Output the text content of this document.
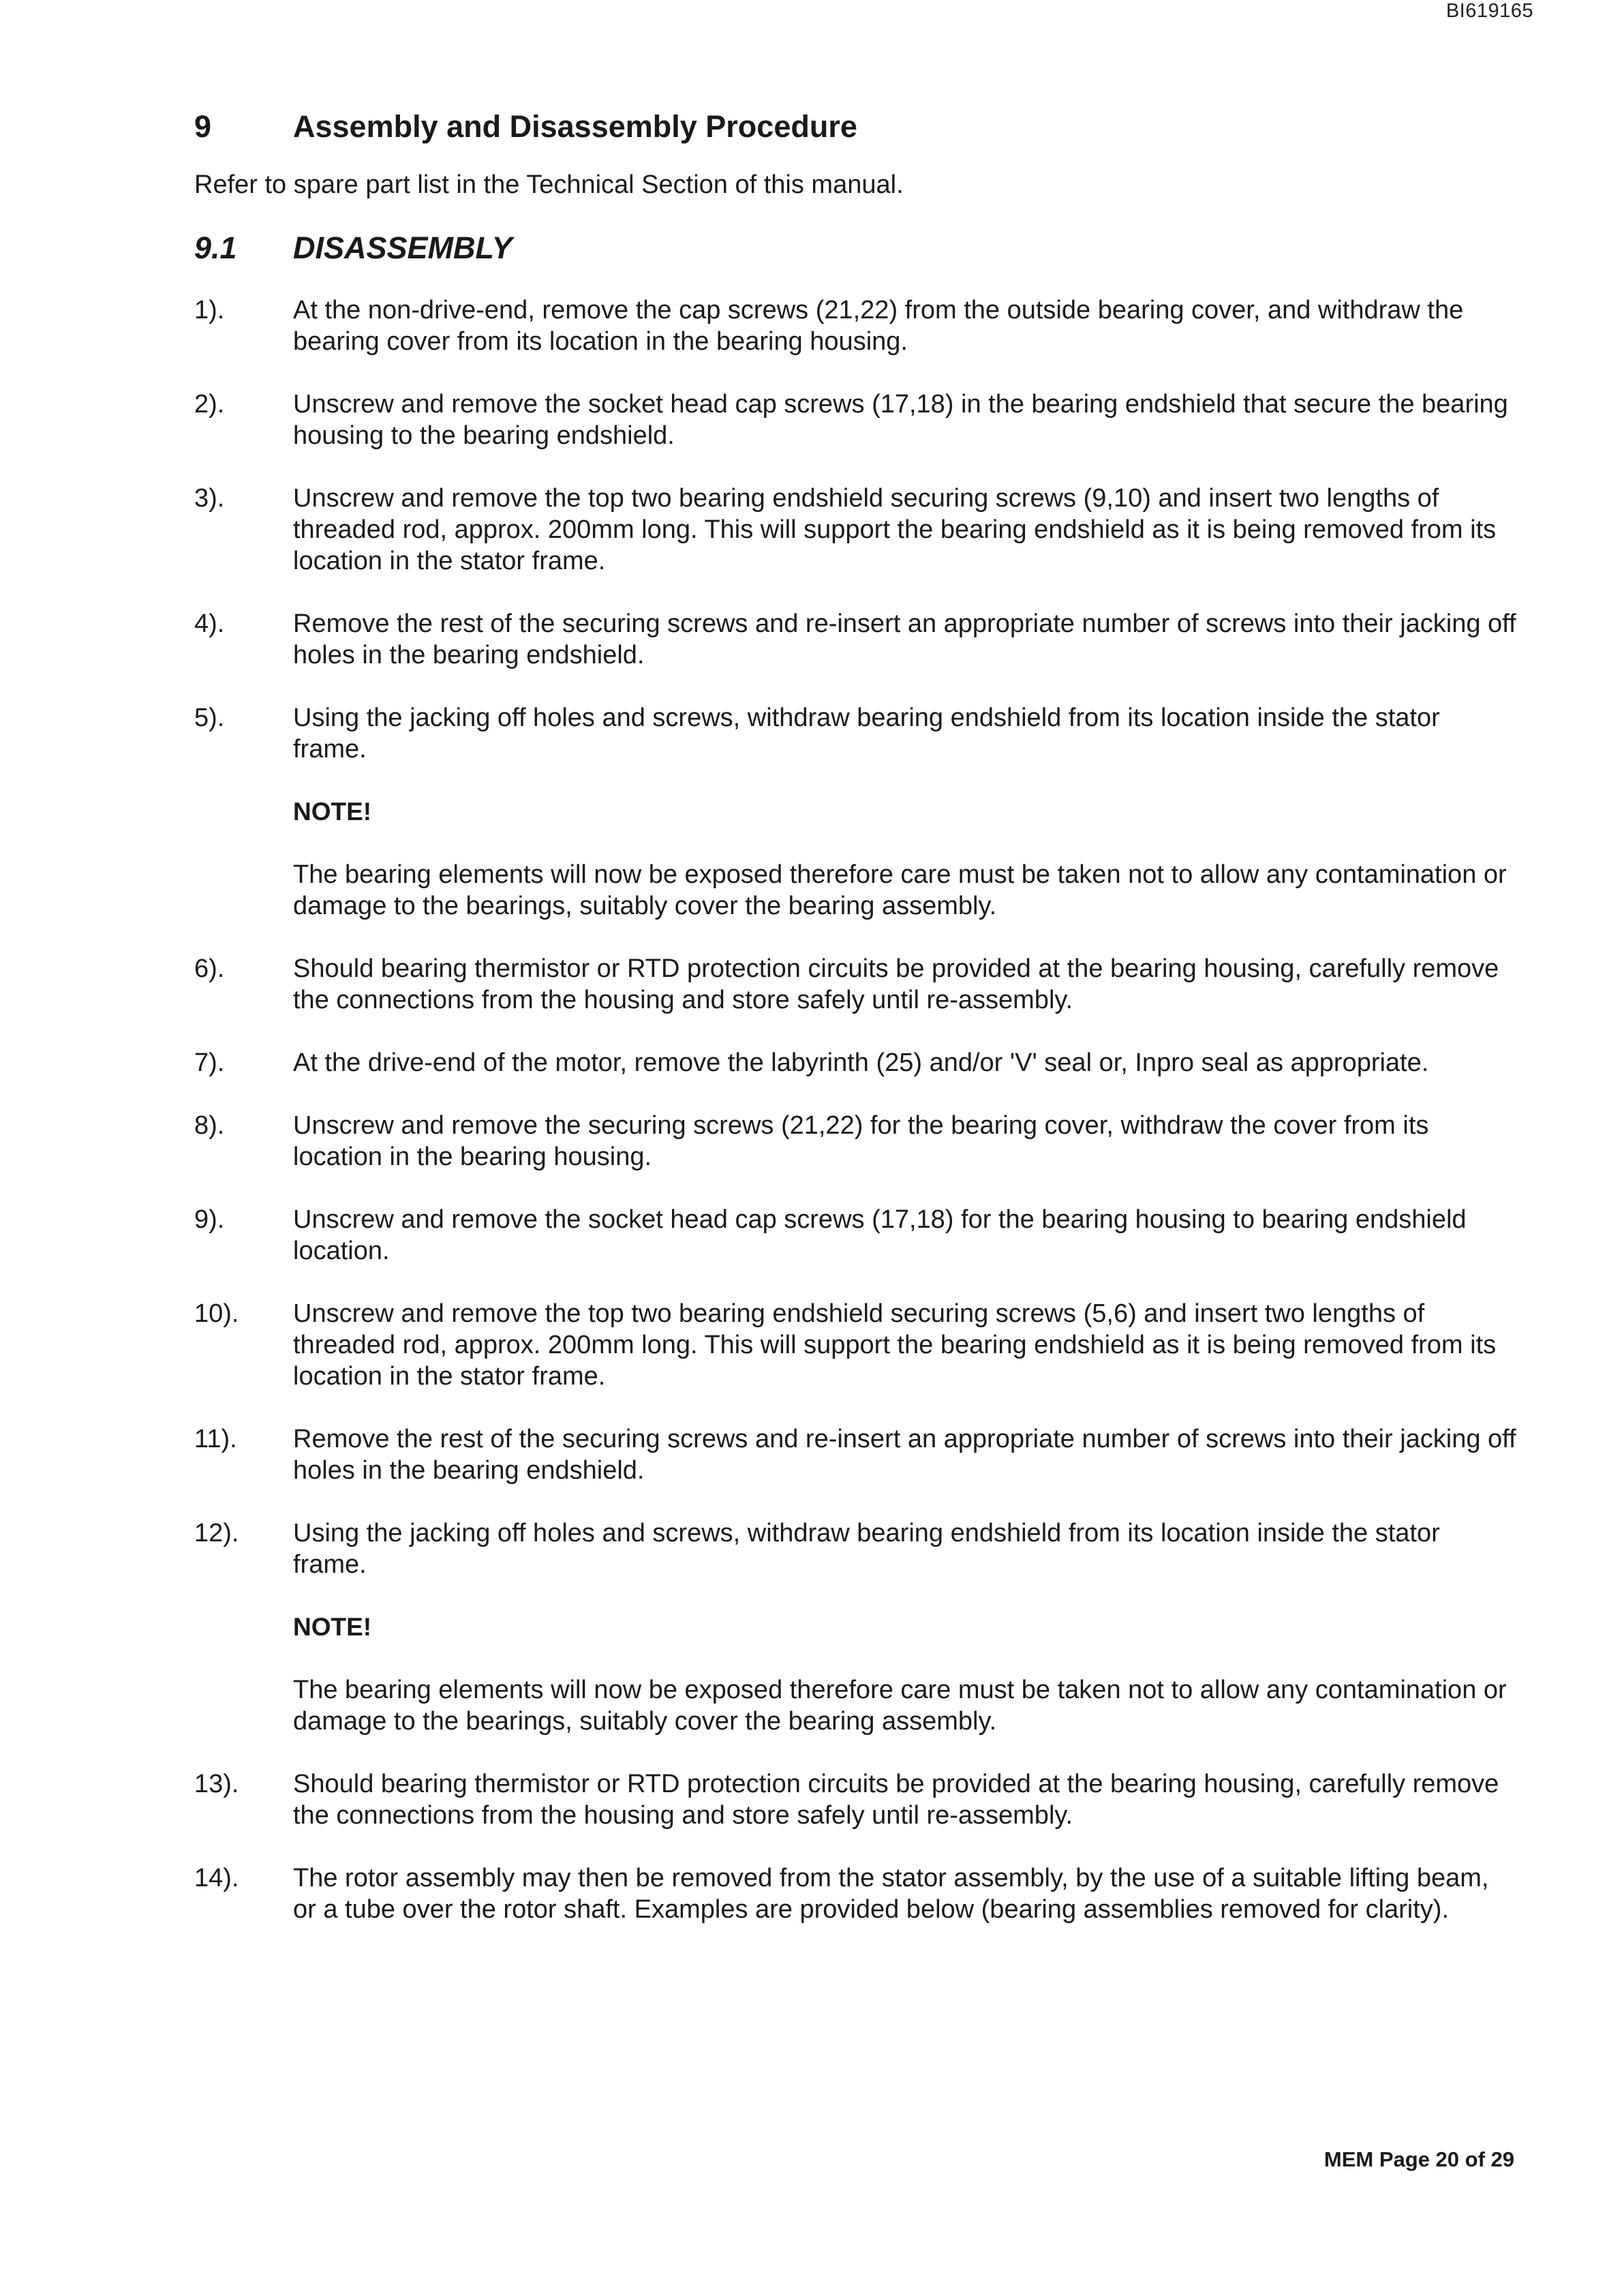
BI619165
9	Assembly and Disassembly Procedure

Refer to spare part list in the Technical Section of this manual.

9.1	DISASSEMBLY
1).	At the non-drive-end, remove the cap screws (21,22) from the outside bearing cover, and withdraw the bearing cover from its location in the bearing housing.
2).	Unscrew and remove the socket head cap screws (17,18) in the bearing endshield that secure the bearing housing to the bearing endshield.
3).	Unscrew and remove the top two bearing endshield securing screws (9,10) and insert two lengths of threaded rod, approx. 200mm long. This will support the bearing endshield as it is being removed from its location in the stator frame.
4).	Remove the rest of the securing screws and re-insert an appropriate number of screws into their jacking off holes in the bearing endshield.
5).	Using the jacking off holes and screws, withdraw bearing endshield from its location inside the stator frame.
NOTE!
The bearing elements will now be exposed therefore care must be taken not to allow any contamination or damage to the bearings, suitably cover the bearing assembly.
6).	Should bearing thermistor or RTD protection circuits be provided at the bearing housing, carefully remove the connections from the housing and store safely until re-assembly.
7).	At the drive-end of the motor, remove the labyrinth (25) and/or 'V' seal or, Inpro seal as appropriate.
8).	Unscrew and remove the securing screws (21,22) for the bearing cover, withdraw the cover from its location in the bearing housing.
9).	Unscrew and remove the socket head cap screws (17,18) for the bearing housing to bearing endshield location.
10).	Unscrew and remove the top two bearing endshield securing screws (5,6) and insert two lengths of threaded rod, approx. 200mm long. This will support the bearing endshield as it is being removed from its location in the stator frame.
11).	Remove the rest of the securing screws and re-insert an appropriate number of screws into their jacking off holes in the bearing endshield.
12).	Using the jacking off holes and screws, withdraw bearing endshield from its location inside the stator frame.
NOTE!
The bearing elements will now be exposed therefore care must be taken not to allow any contamination or damage to the bearings, suitably cover the bearing assembly.
13).	Should bearing thermistor or RTD protection circuits be provided at the bearing housing, carefully remove the connections from the housing and store safely until re-assembly.
14).	The rotor assembly may then be removed from the stator assembly, by the use of a suitable lifting beam, or a tube over the rotor shaft. Examples are provided below (bearing assemblies removed for clarity).
MEM Page 20 of 29
